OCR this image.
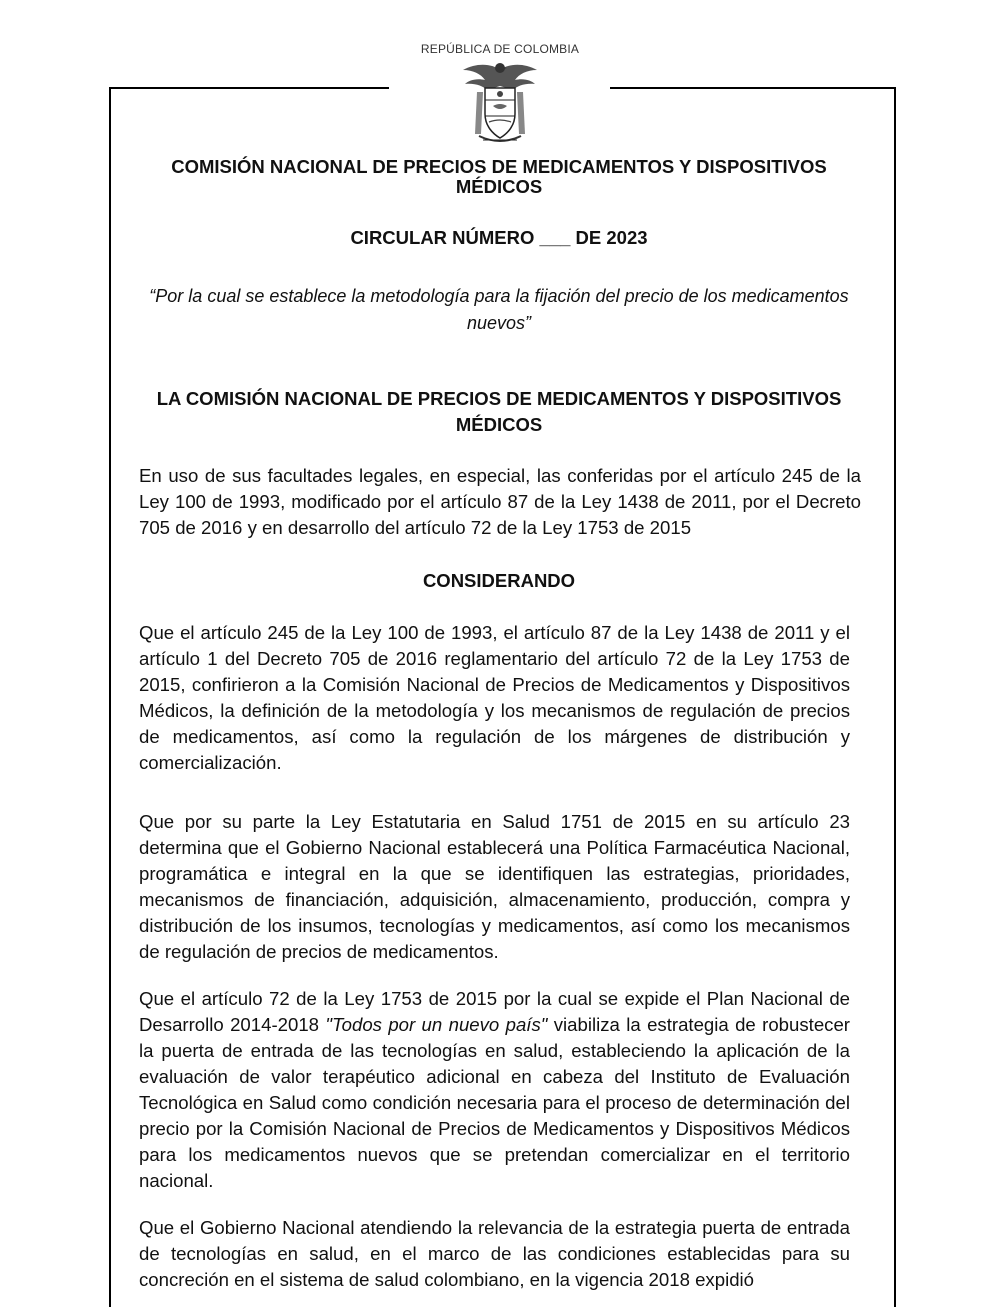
REPÚBLICA DE COLOMBIA
COMISIÓN NACIONAL DE PRECIOS DE MEDICAMENTOS Y DISPOSITIVOS MÉDICOS
CIRCULAR NÚMERO ___ DE 2023
“Por la cual se establece la metodología para la fijación del precio de los medicamentos nuevos”
LA COMISIÓN NACIONAL DE PRECIOS DE MEDICAMENTOS Y DISPOSITIVOS MÉDICOS
En uso de sus facultades legales, en especial, las conferidas por el artículo 245 de la Ley 100 de 1993, modificado por el artículo 87 de la Ley 1438 de 2011, por el Decreto 705 de 2016 y en desarrollo del artículo 72 de la Ley 1753 de 2015
CONSIDERANDO
Que el artículo 245 de la Ley 100 de 1993, el artículo 87 de la Ley 1438 de 2011 y el artículo 1 del Decreto 705 de 2016 reglamentario del artículo 72 de la Ley 1753 de 2015, confirieron a la Comisión Nacional de Precios de Medicamentos y Dispositivos Médicos, la definición de la metodología y los mecanismos de regulación de precios de medicamentos, así como la regulación de los márgenes de distribución y comercialización.
Que por su parte la Ley Estatutaria en Salud 1751 de 2015 en su artículo 23 determina que el Gobierno Nacional establecerá una Política Farmacéutica Nacional, programática e integral en la que se identifiquen las estrategias, prioridades, mecanismos de financiación, adquisición, almacenamiento, producción, compra y distribución de los insumos, tecnologías y medicamentos, así como los mecanismos de regulación de precios de medicamentos.
Que el artículo 72 de la Ley 1753 de 2015 por la cual se expide el Plan Nacional de Desarrollo 2014-2018 "Todos por un nuevo país" viabiliza la estrategia de robustecer la puerta de entrada de las tecnologías en salud, estableciendo la aplicación de la evaluación de valor terapéutico adicional en cabeza del Instituto de Evaluación Tecnológica en Salud como condición necesaria para el proceso de determinación del precio por la Comisión Nacional de Precios de Medicamentos y Dispositivos Médicos para los medicamentos nuevos que se pretendan comercializar en el territorio nacional.
Que el Gobierno Nacional atendiendo la relevancia de la estrategia puerta de entrada de tecnologías en salud, en el marco de las condiciones establecidas para su concreción en el sistema de salud colombiano, en la vigencia 2018 expidió
